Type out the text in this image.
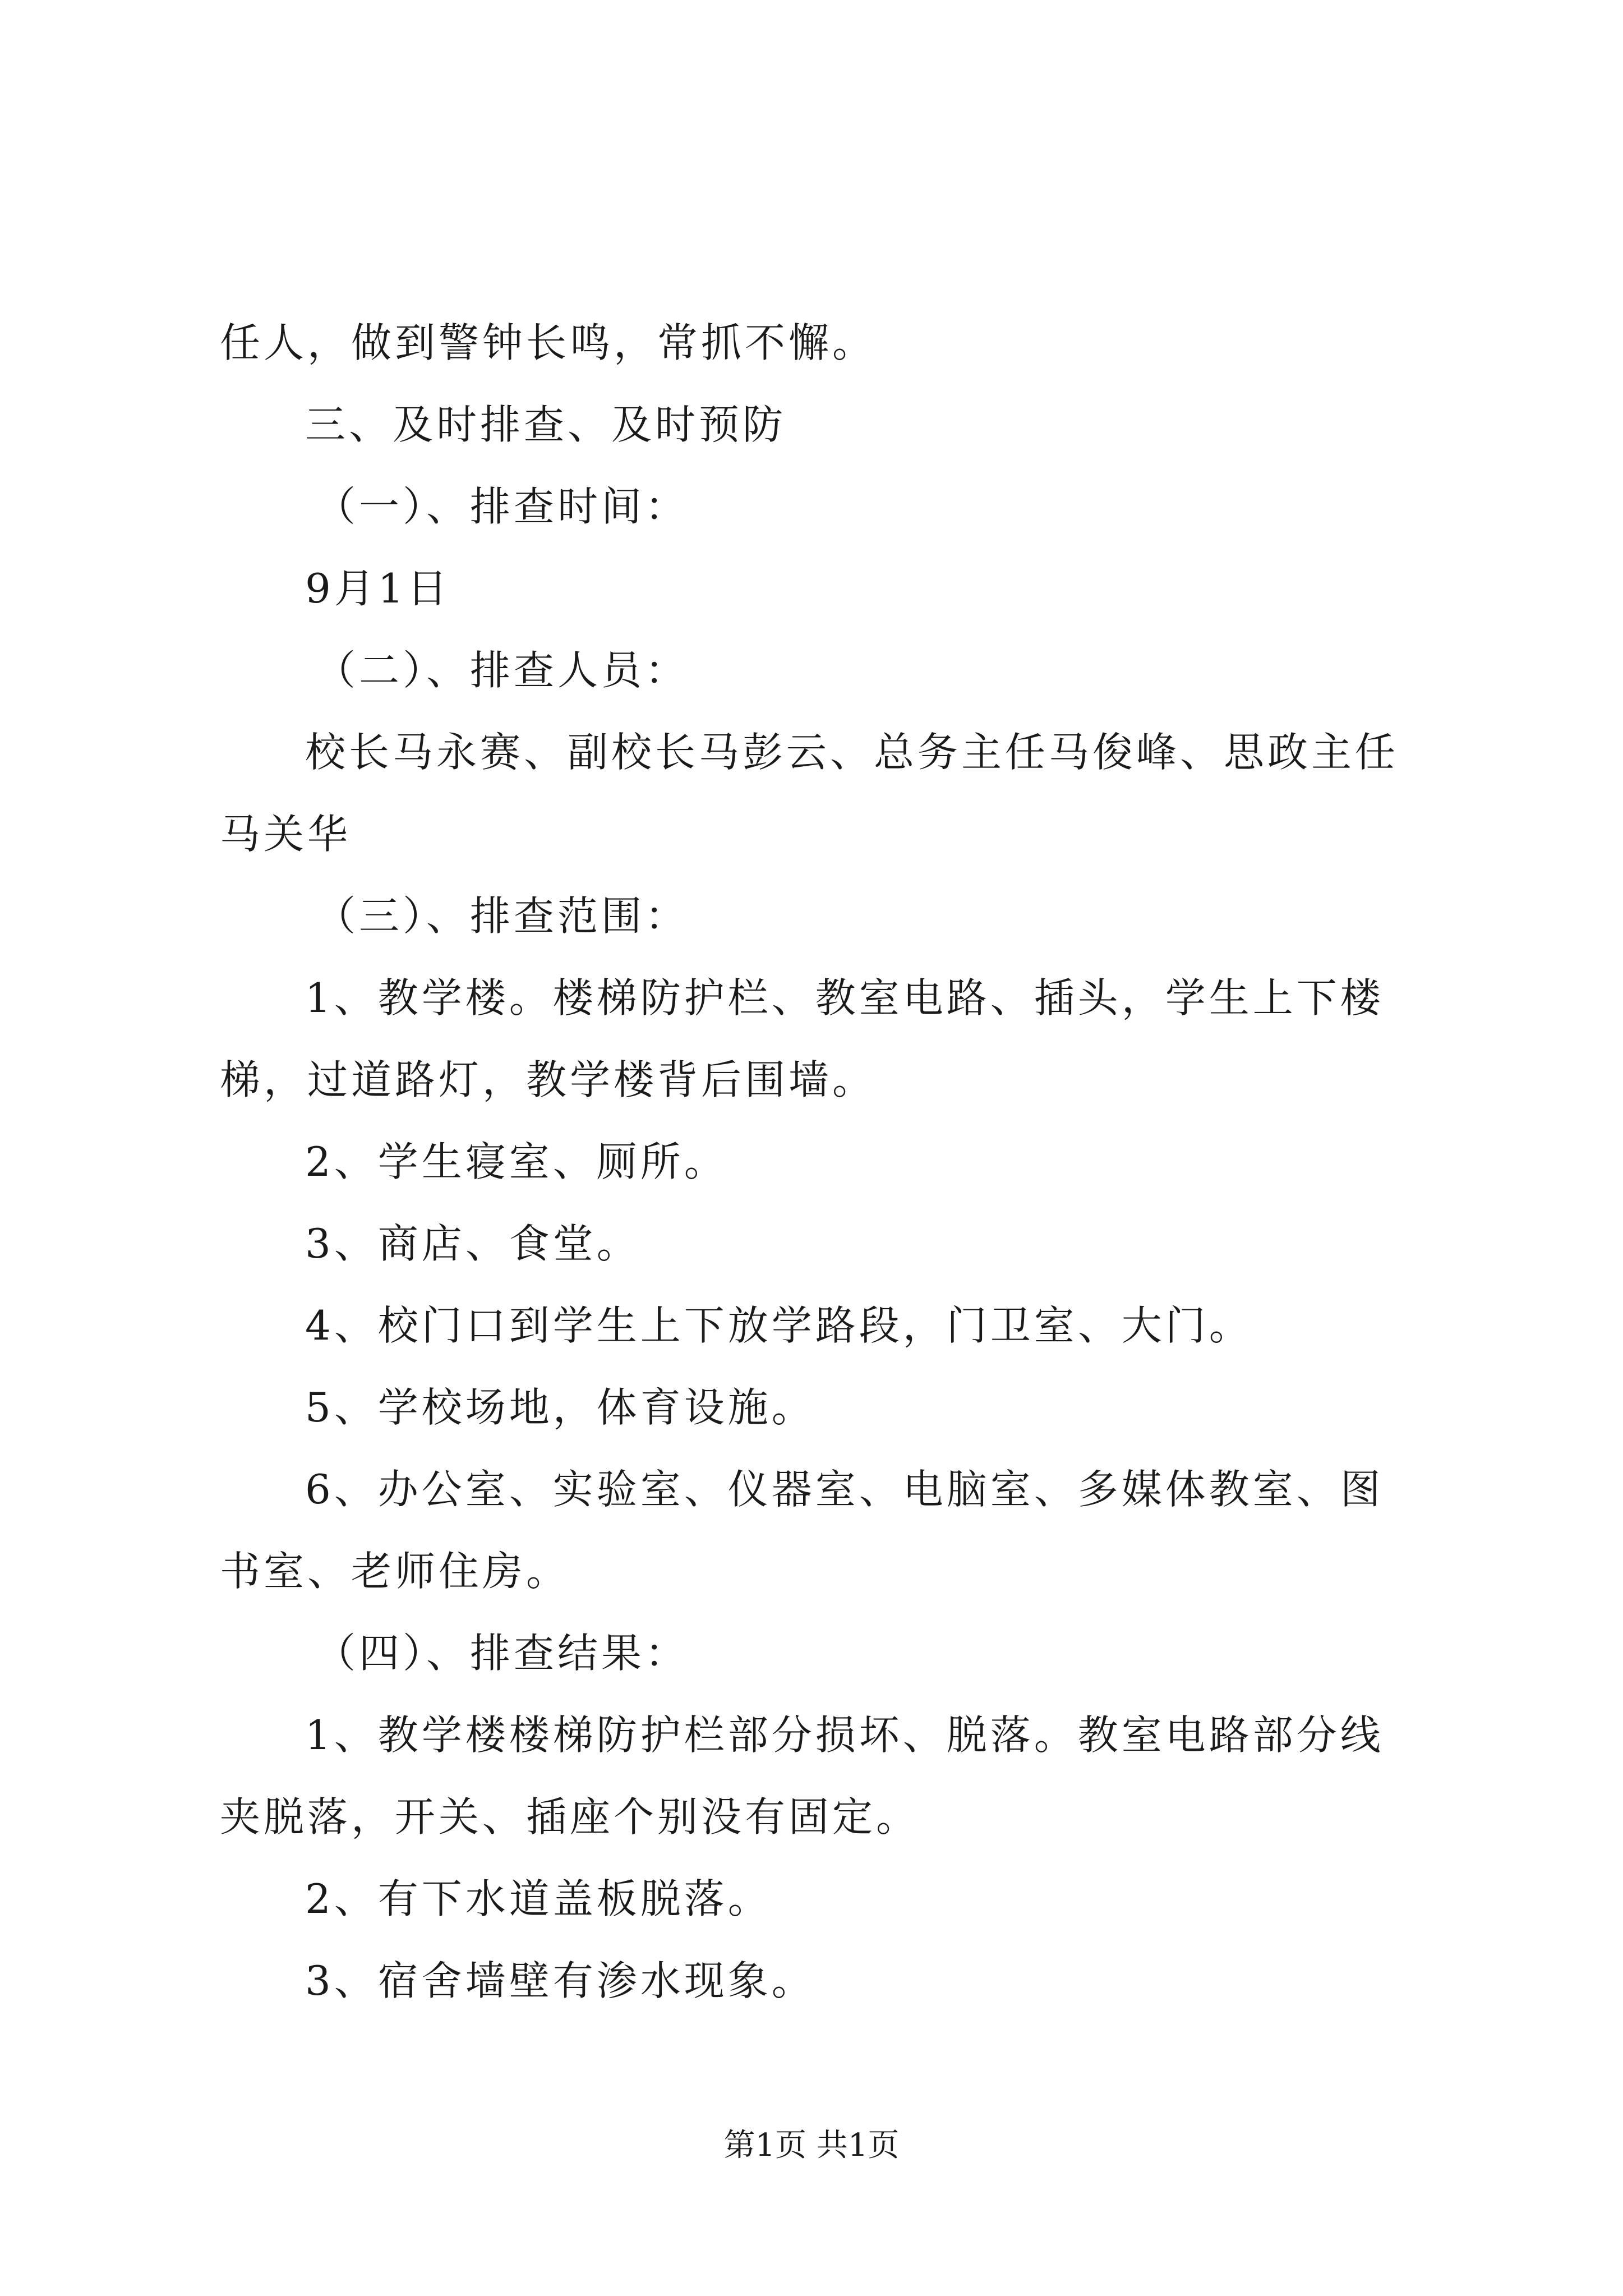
任人，做到警钟长鸣，常抓不懈。

三、及时排查、及时预防

（一）、排查时间：

9月1日

（二）、排查人员：

校长马永赛、副校长马彭云、总务主任马俊峰、思政主任马关华

（三）、排查范围：

1、教学楼。楼梯防护栏、教室电路、插头，学生上下楼梯，过道路灯，教学楼背后围墙。

2、学生寝室、厕所。

3、商店、食堂。

4、校门口到学生上下放学路段，门卫室、大门。

5、学校场地，体育设施。

6、办公室、实验室、仪器室、电脑室、多媒体教室、图书室、老师住房。

（四）、排查结果：

1、教学楼楼梯防护栏部分损坏、脱落。教室电路部分线夹脱落，开关、插座个别没有固定。

2、有下水道盖板脱落。

3、宿舍墙壁有渗水现象。

第1页 共1页
